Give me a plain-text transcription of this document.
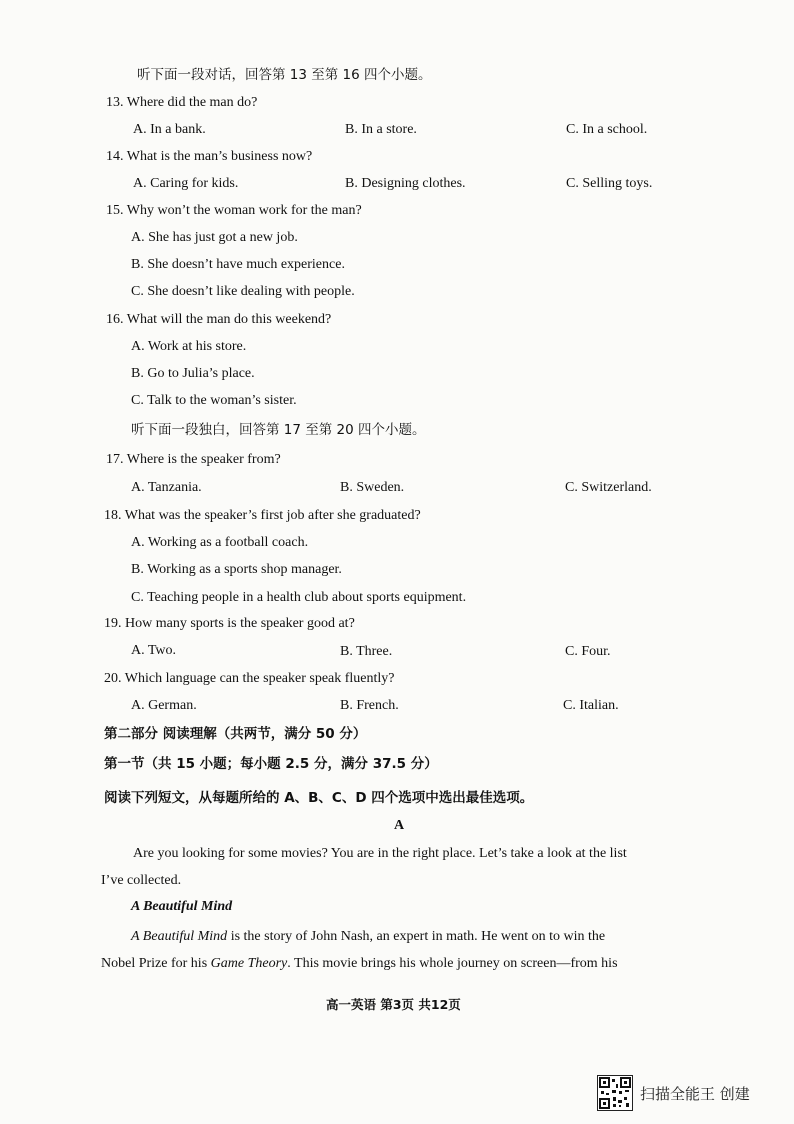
听下面一段对话，回答第 13 至第 16 四个小题。
13. Where did the man do?
A. In a bank.	B. In a store.	C. In a school.
14. What is the man’s business now?
A. Caring for kids.	B. Designing clothes.	C. Selling toys.
15. Why won’t the woman work for the man?
A. She has just got a new job.
B. She doesn’t have much experience.
C. She doesn’t like dealing with people.
16. What will the man do this weekend?
A. Work at his store.
B. Go to Julia’s place.
C. Talk to the woman’s sister.
听下面一段独白，回答第 17 至第 20 四个小题。
17. Where is the speaker from?
A. Tanzania.	B. Sweden.	C. Switzerland.
18. What was the speaker’s first job after she graduated?
A. Working as a football coach.
B. Working as a sports shop manager.
C. Teaching people in a health club about sports equipment.
19. How many sports is the speaker good at?
A. Two.	B. Three.	C. Four.
20. Which language can the speaker speak fluently?
A. German.	B. French.	C. Italian.
第二部分 阅读理解（共两节，满分 50 分）
第一节（共 15 小题；每小题 2.5 分，满分 37.5 分）
阅读下列短文，从每题所给的 A、B、C、D 四个选项中选出最佳选项。
A
Are you looking for some movies? You are in the right place. Let’s take a look at the list
I’ve collected.
A Beautiful Mind
A Beautiful Mind is the story of John Nash, an expert in math. He went on to win the
Nobel Prize for his Game Theory. This movie brings his whole journey on screen—from his
高一英语 第3页 共12页
扫描全能王 创建
